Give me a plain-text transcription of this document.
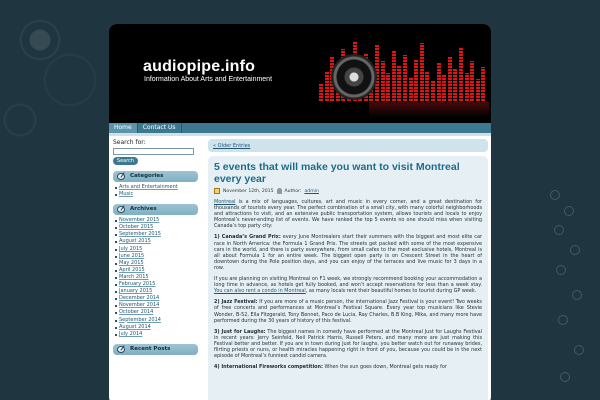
audiopipe.info
Information About Arts and Entertainment
Home Contact Us
Search for:
Search
Categories
Arts and Entertainment
Music
Archives
November 2015
October 2015
September 2015
August 2015
July 2015
June 2015
May 2015
April 2015
March 2015
February 2015
January 2015
December 2014
November 2014
October 2014
September 2014
August 2014
July 2014
Recent Posts
« Older Entries
5 events that will make you want to visit Montreal every year
November 12th, 2015 Author: admin

Montreal is a mix of languages, cultures, art and music in every corner, and a great destination for thousands of tourists every year. The perfect combination of a small city, with many colorful neighborhoods and attractions to visit, and an extensive public transportation system, allows tourists and locals to enjoy Montreal’s never-ending list of events. We have ranked the top 5 events no one should miss when visiting Canada’s top party city:

1) Canada’s Grand Prix: every June Montrealers start their summers with the biggest and most elite car race in North America: the Formula 1 Grand Prix. The streets get packed with some of the most expensive cars in the world, and there is party everywhere, from small cafes to the most exclusive hotels, Montreal is all about Formula 1 for an entire week. The biggest open party is on Crescent Street in the heart of downtown during the Pole position days, and you can enjoy of the terraces and live music for 3 days in a row.

If you are planning on visiting Montreal on F1 week, we strongly recommend booking your accommodation a long time in advance, as hotels get fully booked, and won’t accept reservations for less than a week stay. You can also rent a condo in Montreal, as many locals rent their beautiful homes to tourist during GP week.

2) Jazz Festival: If you are more of a music person, the international Jazz Festival is your event! Two weeks of free concerts and performances at Montreal’s Festival Square. Every year top musicians like Stevie Wonder, B-52, Ella Fitzgerald, Tony Bennet, Paco de Lucia, Ray Charles, B.B King, Mika, and many more have performed during the 30 years of history of this festival.

3) Just for Laughs: The biggest names in comedy have performed at the Montreal Just for Laughs Festival in recent years: Jerry Seinfeld, Neil Patrick Harris, Russell Peters, and many more are just making this Festival better and better. If you are in town during Just for laughs, you better watch out for runaway brides, flirting priests or nuns, or health miracles happening right in front of you, because you could be in the next episode of Montreal’s funniest candid camera.

4) International Fireworks competition: When the sun goes down, Montreal gets ready for
